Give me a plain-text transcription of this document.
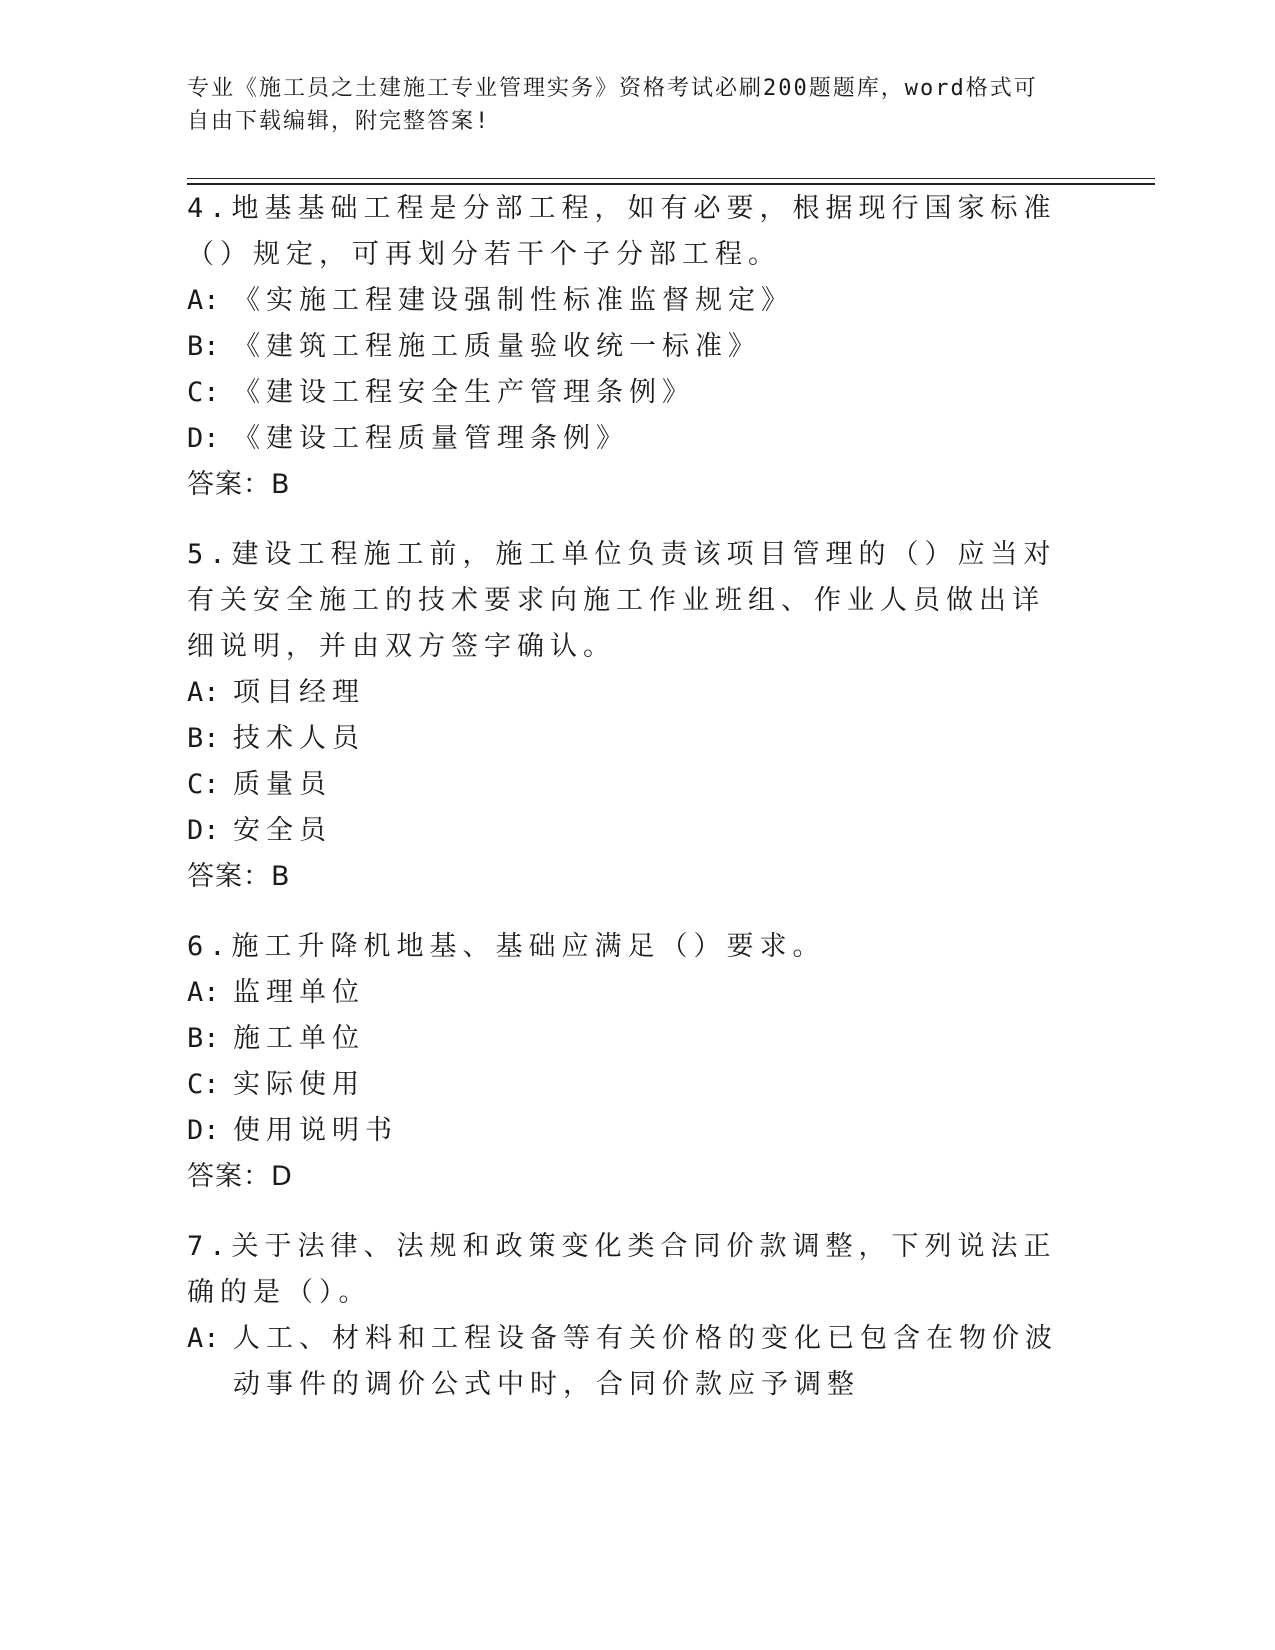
专业《施工员之土建施工专业管理实务》资格考试必刷200题题库，word格式可
自由下载编辑，附完整答案!

4.地基基础工程是分部工程，如有必要，根据现行国家标准（）规定，可再划分若干个子分部工程。

A: 《实施工程建设强制性标准监督规定》

B: 《建筑工程施工质量验收统一标准》

C: 《建设工程安全生产管理条例》

D: 《建设工程质量管理条例》

答案：B

5.建设工程施工前，施工单位负责该项目管理的（）应当对有关安全施工的技术要求向施工作业班组、作业人员做出详细说明，并由双方签字确认。

A: 项目经理

B: 技术人员

C: 质量员

D: 安全员

答案：B

6.施工升降机地基、基础应满足（）要求。

A: 监理单位

B: 施工单位

C: 实际使用

D: 使用说明书

答案：D

7.关于法律、法规和政策变化类合同价款调整，下列说法正确的是（）。

A: 人工、材料和工程设备等有关价格的变化已包含在物价波动事件的调价公式中时，合同价款应予调整
